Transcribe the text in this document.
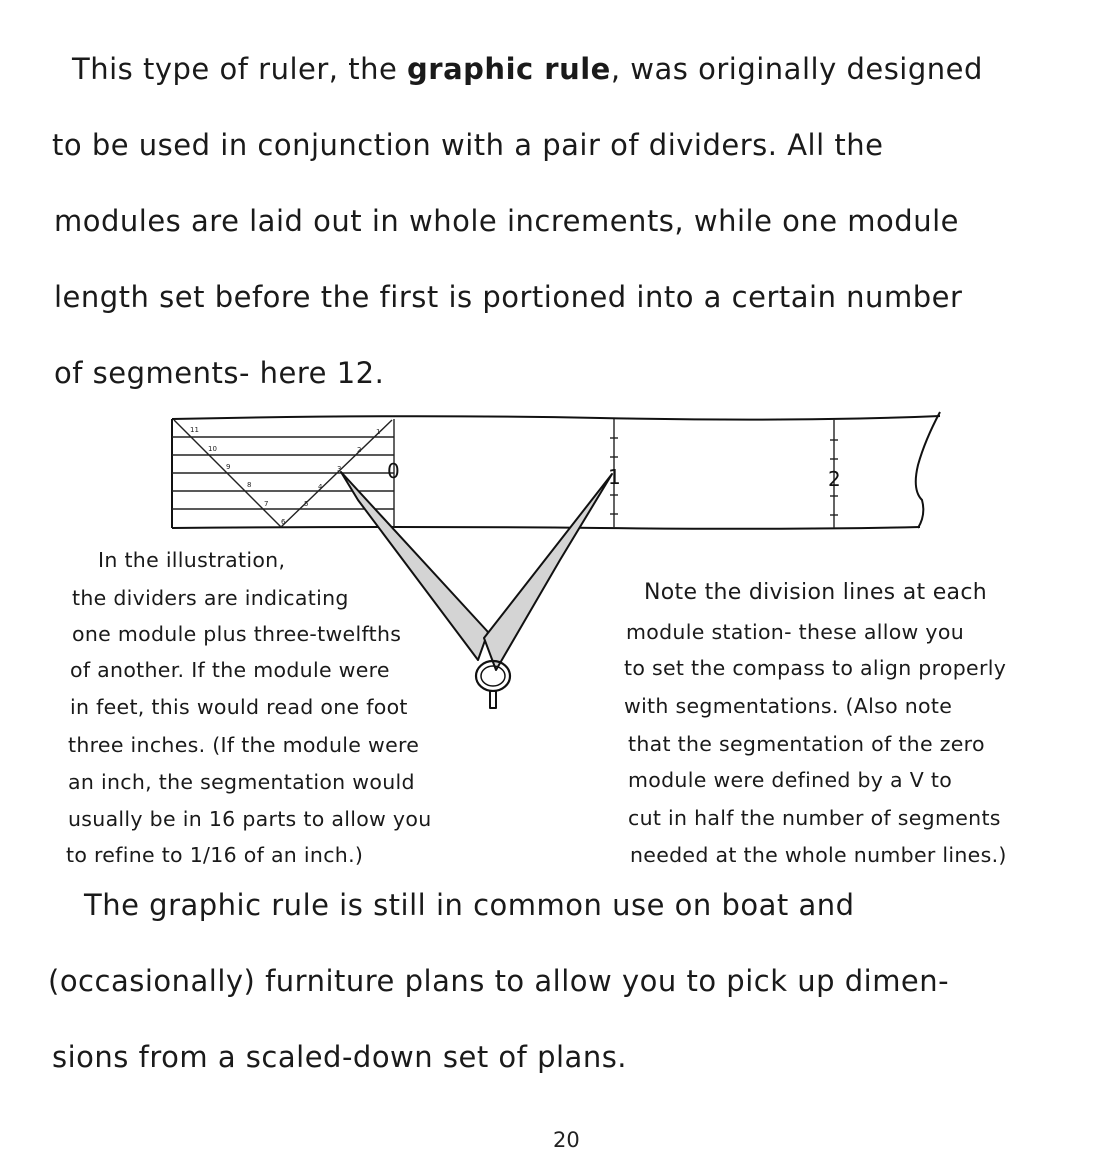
This type of ruler, the graphic rule, was originally designed
to be used in conjunction with a pair of dividers. All the
modules are laid out in whole increments, while one module
length set before the first is portioned into a certain number
of segments- here 12.
11
10
9
8
7
6
5
4
3
2
1
0	1	2
In the illustration,
the dividers are indicating
one module plus three-twelfths
of another. If the module were
in feet, this would read one foot
three inches. (If the module were
an inch, the segmentation would
usually be in 16 parts to allow you
to refine to 1/16 of an inch.)
Note the division lines at each
module station- these allow you
to set the compass to align properly
with segmentations. (Also note
that the segmentation of the zero
module were defined by a V to
cut in half the number of segments
needed at the whole number lines.)
The graphic rule is still in common use on boat and
(occasionally) furniture plans to allow you to pick up dimen-
sions from a scaled-down set of plans.
20
